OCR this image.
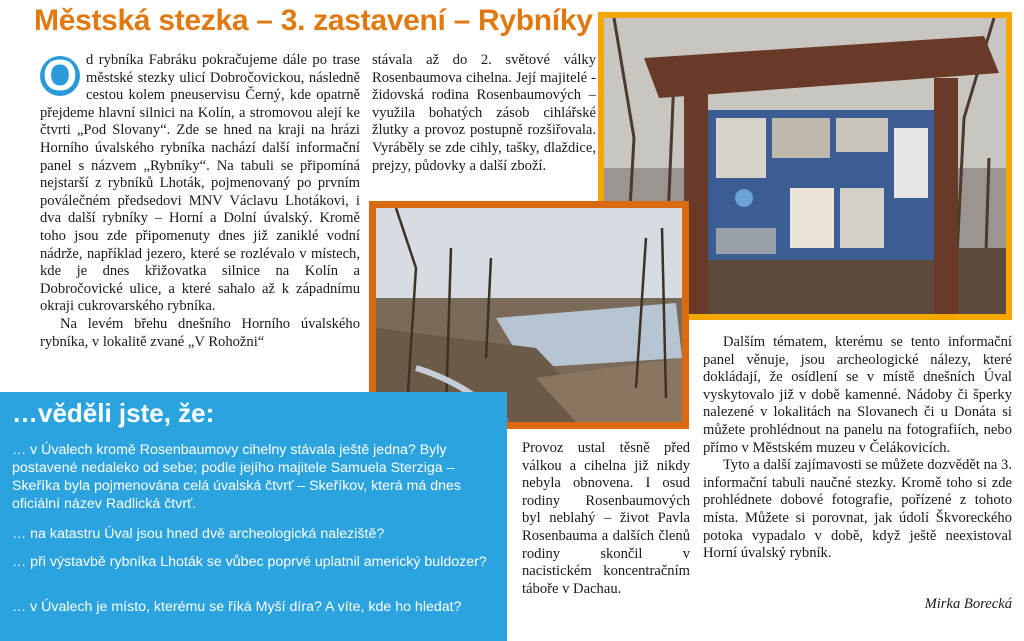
Městská stezka – 3. zastavení – Rybníky
O d rybníka Fabráku pokračujeme dále po trase městské stezky ulicí Dobročovickou, následně cestou kolem pneuservisu Černý, kde opatrně přejdeme hlavní silnici na Kolín, a stromovou alejí ke čtvrti „Pod Slovany“. Zde se hned na kraji na hrázi Horního úvalského rybníka nachází další informační panel s názvem „Rybníky“. Na tabuli se připomíná nejstarší z rybníků Lhoták, pojmenovaný po prvním poválečném předsedovi MNV Václavu Lhotákovi, i dva další rybníky – Horní a Dolní úvalský. Kromě toho jsou zde připomenuty dnes již zaniklé vodní nádrže, například jezero, které se rozlévalo v místech, kde je dnes křižovatka silnice na Kolín a Dobročovické ulice, a které sahalo až k západnímu okraji cukrovarského rybníka.

Na levém břehu dnešního Horního úvalského rybníka, v lokalitě zvané „V Rohožni“

stávala až do 2. světové války Rosenbaumova cihelna. Její majitelé - židovská rodina Rosenbaumových – využila bohatých zásob cihlářské žlutky a provoz postupně rozšiřovala. Vyráběly se zde cihly, tašky, dlaždice, prejzy, půdovky a další zboží.

Dalším tématem, kterému se tento informační panel věnuje, jsou archeologické nálezy, které dokládají, že osídlení se v místě dnešních Úval vyskytovalo již v době kamenné. Nádoby či šperky nalezené v lokalitách na Slovanech či u Donáta si můžete prohlédnout na panelu na fotografiích, nebo přímo v Městském muzeu v Čelákovicích.

Tyto a další zajímavosti se můžete dozvědět na 3. informační tabuli naučné stezky. Kromě toho si zde prohlédnete dobové fotografie, pořízené z tohoto místa. Můžete si porovnat, jak údolí Škvoreckého potoka vypadalo v době, když ještě neexistoval Horní úvalský rybník.

Provoz ustal těsně před válkou a cihelna již nikdy nebyla obnovena. I osud rodiny Rosenbaumových byl neblahý – život Pavla Rosenbauma a dalších členů rodiny skončil v nacistickém koncentračním táboře v Dachau.

Mirka Borecká
…věděli jste, že:

… v Úvalech kromě Rosenbaumovy cihelny stávala ještě jedna? Byly postavené nedaleko od sebe; podle jejího majitele Samuela Sterziga – Skeříka byla pojmenována celá úvalská čtvrť – Skeříkov, která má dnes oficiální název Radlická čtvrť.

… na katastru Úval jsou hned dvě archeologická naleziště?

… při výstavbě rybníka Lhoták se vůbec poprvé uplatnil americký buldozer?

… v Úvalech je místo, kterému se říká Myší díra? A víte, kde ho hledat?
